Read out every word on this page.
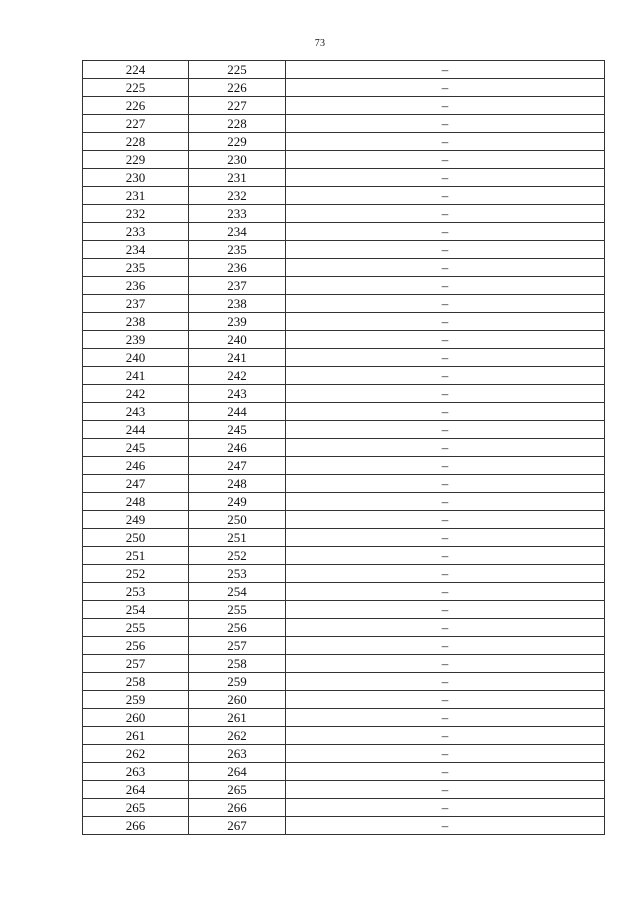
73
224	225	–
225	226	–
226	227	–
227	228	–
228	229	–
229	230	–
230	231	–
231	232	–
232	233	–
233	234	–
234	235	–
235	236	–
236	237	–
237	238	–
238	239	–
239	240	–
240	241	–
241	242	–
242	243	–
243	244	–
244	245	–
245	246	–
246	247	–
247	248	–
248	249	–
249	250	–
250	251	–
251	252	–
252	253	–
253	254	–
254	255	–
255	256	–
256	257	–
257	258	–
258	259	–
259	260	–
260	261	–
261	262	–
262	263	–
263	264	–
264	265	–
265	266	–
266	267	–
